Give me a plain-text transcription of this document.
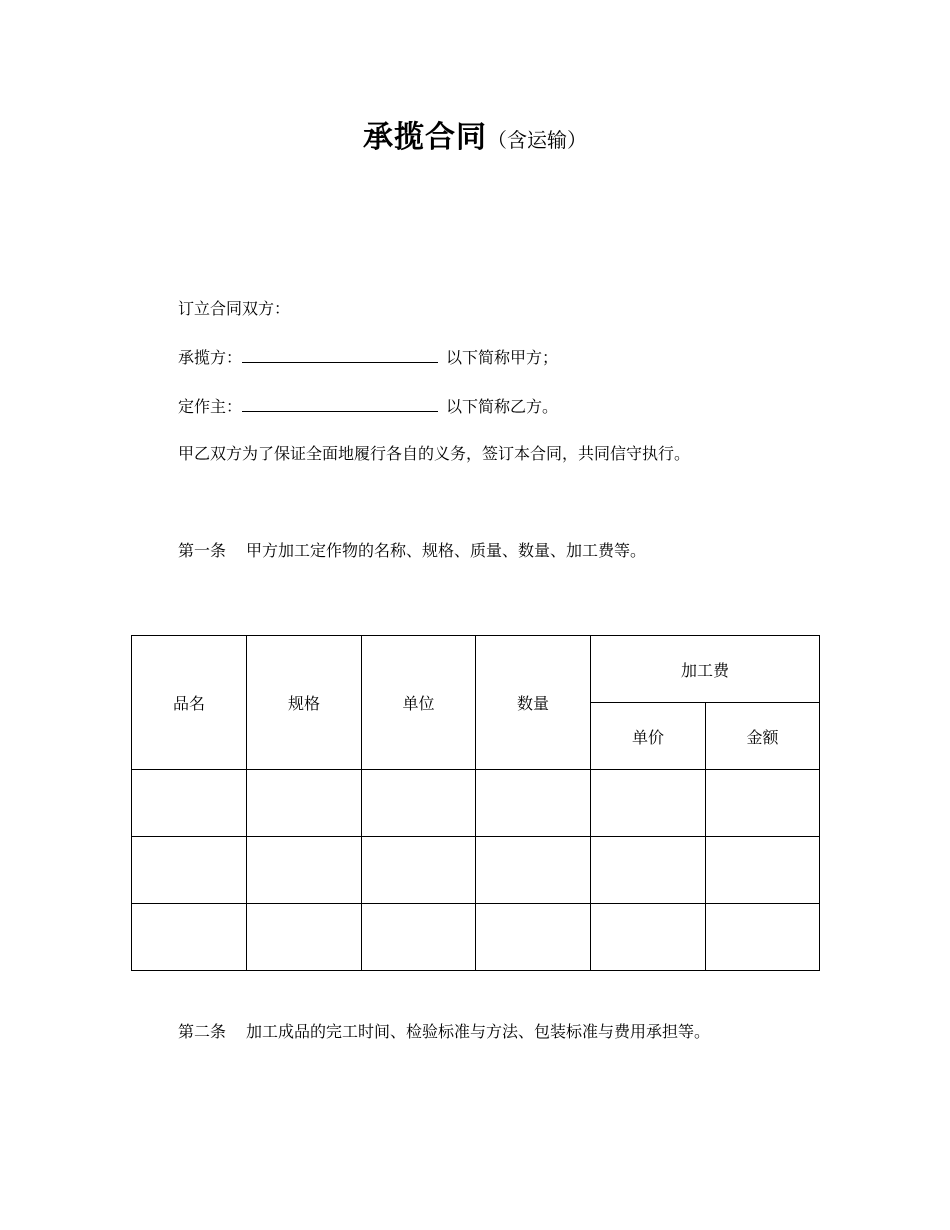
承揽合同（含运输）
订立合同双方：
承揽方：	以下简称甲方；
定作主：	以下简称乙方。
甲乙双方为了保证全面地履行各自的义务，签订本合同，共同信守执行。
第一条 甲方加工定作物的名称、规格、质量、数量、加工费等。
品名	规格	单位	数量	加工费	
				单价	金额

第二条 加工成品的完工时间、检验标准与方法、包装标准与费用承担等。
